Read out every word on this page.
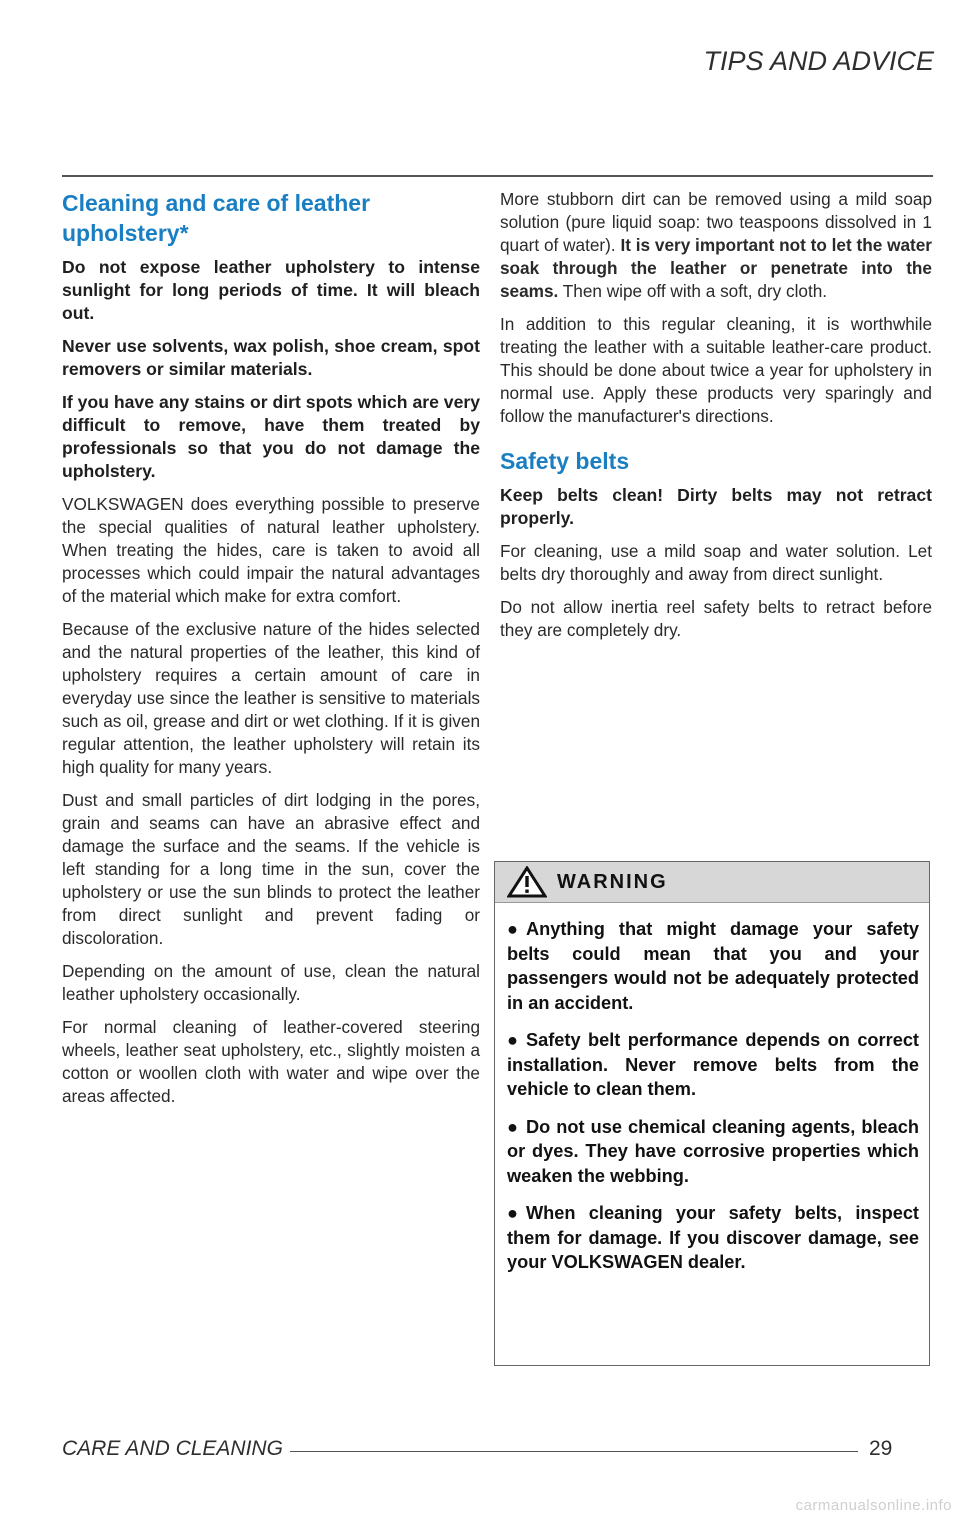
TIPS AND ADVICE
Cleaning and care of leather upholstery*

Do not expose leather upholstery to intense sunlight for long periods of time. It will bleach out.

Never use solvents, wax polish, shoe cream, spot removers or similar materials.

If you have any stains or dirt spots which are very difficult to remove, have them treated by professionals so that you do not damage the upholstery.

VOLKSWAGEN does everything possible to preserve the special qualities of natural leather upholstery. When treating the hides, care is taken to avoid all processes which could impair the natural advantages of the material which make for extra comfort.

Because of the exclusive nature of the hides selected and the natural properties of the leather, this kind of upholstery requires a certain amount of care in everyday use since the leather is sensitive to materials such as oil, grease and dirt or wet clothing. If it is given regular attention, the leather upholstery will retain its high quality for many years.

Dust and small particles of dirt lodging in the pores, grain and seams can have an abrasive effect and damage the surface and the seams. If the vehicle is left standing for a long time in the sun, cover the upholstery or use the sun blinds to protect the leather from direct sunlight and prevent fading or discoloration.

Depending on the amount of use, clean the natural leather upholstery occasionally.

For normal cleaning of leather-covered steering wheels, leather seat upholstery, etc., slightly moisten a cotton or woollen cloth with water and wipe over the areas affected.

More stubborn dirt can be removed using a mild soap solution (pure liquid soap: two teaspoons dissolved in 1 quart of water). It is very important not to let the water soak through the leather or penetrate into the seams. Then wipe off with a soft, dry cloth.

In addition to this regular cleaning, it is worthwhile treating the leather with a suitable leather-care product. This should be done about twice a year for upholstery in normal use. Apply these products very sparingly and follow the manufacturer's directions.

Safety belts

Keep belts clean! Dirty belts may not retract properly.

For cleaning, use a mild soap and water solution. Let belts dry thoroughly and away from direct sunlight.

Do not allow inertia reel safety belts to retract before they are completely dry.

WARNING

● Anything that might damage your safety belts could mean that you and your passengers would not be adequately protected in an accident.

● Safety belt performance depends on correct installation. Never remove belts from the vehicle to clean them.

● Do not use chemical cleaning agents, bleach or dyes. They have corrosive properties which weaken the webbing.

● When cleaning your safety belts, inspect them for damage. If you discover damage, see your VOLKSWAGEN dealer.

CARE AND CLEANING	29
carmanualsonline.info
